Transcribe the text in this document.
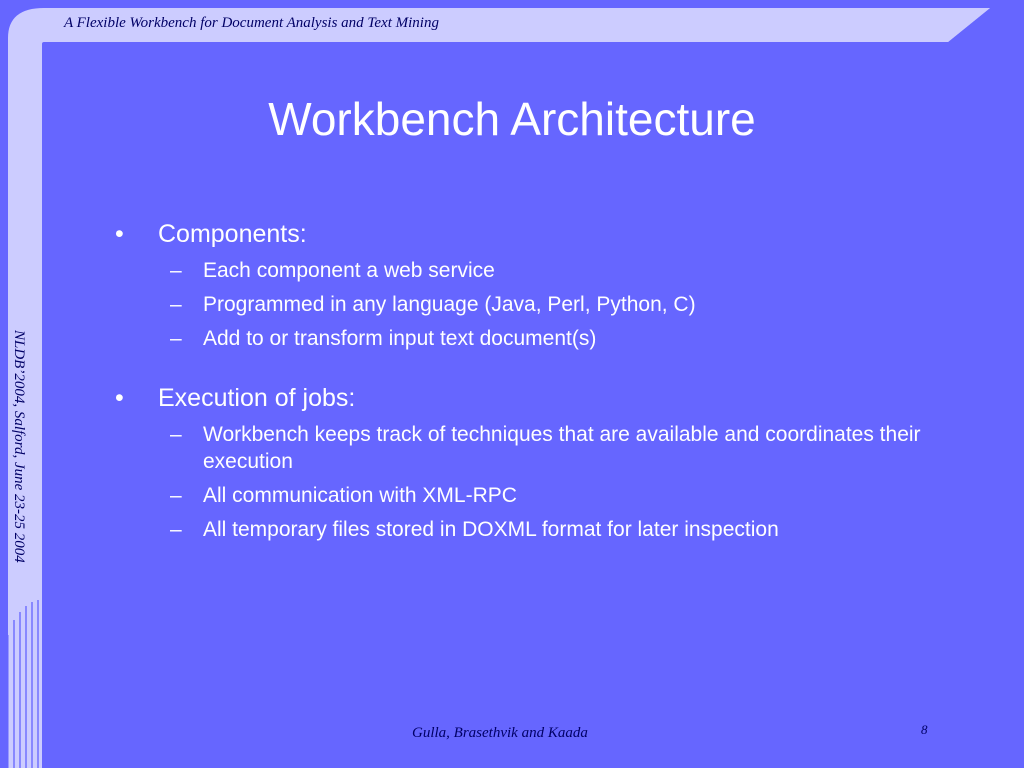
A Flexible Workbench for Document Analysis and Text Mining
NLDB’2004, Salford, June 23-25 2004
Workbench Architecture
• Components:
– Each component a web service
– Programmed in any language (Java, Perl, Python, C)
– Add to or transform input text document(s)
• Execution of jobs:
– Workbench keeps track of techniques that are available and coordinates their execution
– All communication with XML-RPC
– All temporary files stored in DOXML format for later inspection
Gulla, Brasethvik and Kaada	8
